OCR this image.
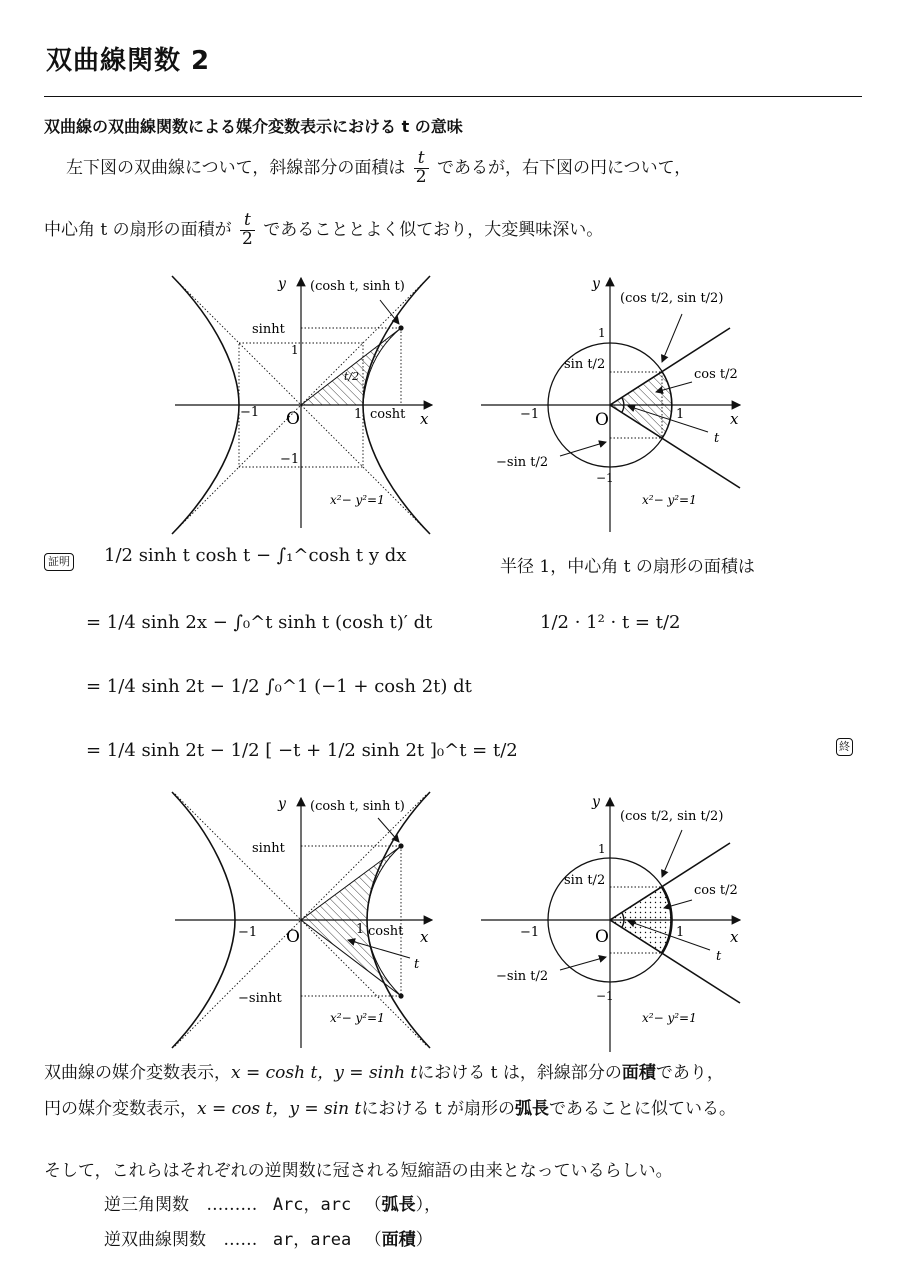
双曲線関数 2
双曲線の双曲線関数による媒介変数表示における t の意味
左下図の双曲線について，斜線部分の面積は $\frac{t}{2}$ であるが，右下図の円について，
中心角 t の扇形の面積が $\frac{t}{2}$ であることとよく似ており，大変興味深い。
y (cosh t, sinh t)
sinht
1
t/2
−1 O	1 cosht x
−1
x²− y²=1
y
(cos t/2, sin t/2)
1
sin t/2
cos t/2
−1	O	1	x
t
−sin t/2
−1
x²− y²=1
証明 1/2 sinh t cosh t − ∫₁^cosh t y dx
= 1/4 sinh 2x − ∫₀^t sinh t (cosh t)′ dt
= 1/4 sinh 2t − 1/2 ∫₀^1 (−1 + cosh 2t) dt
= 1/4 sinh 2t − 1/2 [ −t + 1/2 sinh 2t ]₀^t = t/2
半径 1，中心角 t の扇形の面積は
1/2 · 1² · t = t/2
終
y (cosh t, sinh t)
sinht
−1 O	1 cosht x
t
−sinht
x²− y²=1
y
(cos t/2, sin t/2)
1
sin t/2
cos t/2
−1	O	1	x
t
−sin t/2
−1
x²− y²=1
双曲線の媒介変数表示，x = cosh t，y = sinh tにおける t は，斜線部分の面積であり，
円の媒介変数表示，x = cos t，y = sin tにおける t が扇形の弧長であることに似ている。
そして，これらはそれぞれの逆関数に冠される短縮語の由来となっているらしい。
逆三角関数 ……… Arc，arc （弧長），
逆双曲線関数 …… ar，area （面積）
